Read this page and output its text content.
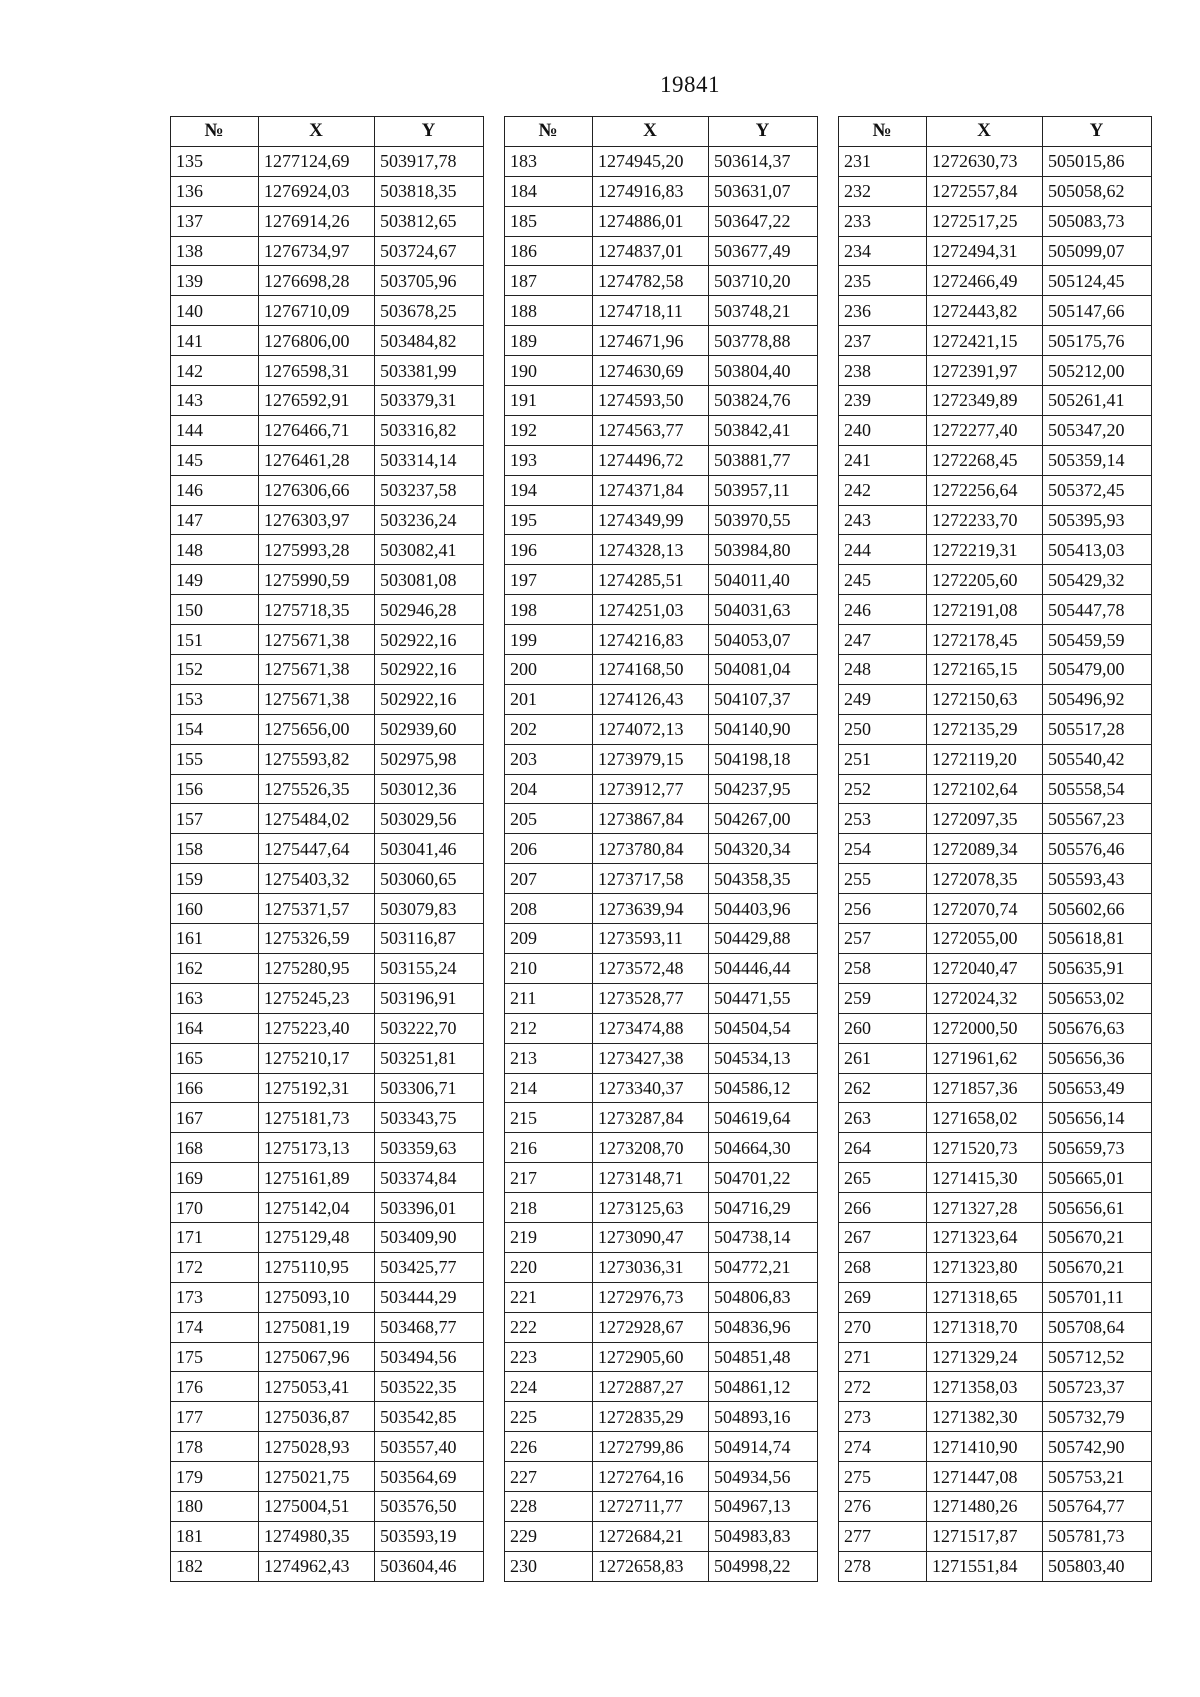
19841
№	X	Y
135	1277124,69	503917,78
136	1276924,03	503818,35
137	1276914,26	503812,65
138	1276734,97	503724,67
139	1276698,28	503705,96
140	1276710,09	503678,25
141	1276806,00	503484,82
142	1276598,31	503381,99
143	1276592,91	503379,31
144	1276466,71	503316,82
145	1276461,28	503314,14
146	1276306,66	503237,58
147	1276303,97	503236,24
148	1275993,28	503082,41
149	1275990,59	503081,08
150	1275718,35	502946,28
151	1275671,38	502922,16
152	1275671,38	502922,16
153	1275671,38	502922,16
154	1275656,00	502939,60
155	1275593,82	502975,98
156	1275526,35	503012,36
157	1275484,02	503029,56
158	1275447,64	503041,46
159	1275403,32	503060,65
160	1275371,57	503079,83
161	1275326,59	503116,87
162	1275280,95	503155,24
163	1275245,23	503196,91
164	1275223,40	503222,70
165	1275210,17	503251,81
166	1275192,31	503306,71
167	1275181,73	503343,75
168	1275173,13	503359,63
169	1275161,89	503374,84
170	1275142,04	503396,01
171	1275129,48	503409,90
172	1275110,95	503425,77
173	1275093,10	503444,29
174	1275081,19	503468,77
175	1275067,96	503494,56
176	1275053,41	503522,35
177	1275036,87	503542,85
178	1275028,93	503557,40
179	1275021,75	503564,69
180	1275004,51	503576,50
181	1274980,35	503593,19
182	1274962,43	503604,46
№	X	Y
183	1274945,20	503614,37
184	1274916,83	503631,07
185	1274886,01	503647,22
186	1274837,01	503677,49
187	1274782,58	503710,20
188	1274718,11	503748,21
189	1274671,96	503778,88
190	1274630,69	503804,40
191	1274593,50	503824,76
192	1274563,77	503842,41
193	1274496,72	503881,77
194	1274371,84	503957,11
195	1274349,99	503970,55
196	1274328,13	503984,80
197	1274285,51	504011,40
198	1274251,03	504031,63
199	1274216,83	504053,07
200	1274168,50	504081,04
201	1274126,43	504107,37
202	1274072,13	504140,90
203	1273979,15	504198,18
204	1273912,77	504237,95
205	1273867,84	504267,00
206	1273780,84	504320,34
207	1273717,58	504358,35
208	1273639,94	504403,96
209	1273593,11	504429,88
210	1273572,48	504446,44
211	1273528,77	504471,55
212	1273474,88	504504,54
213	1273427,38	504534,13
214	1273340,37	504586,12
215	1273287,84	504619,64
216	1273208,70	504664,30
217	1273148,71	504701,22
218	1273125,63	504716,29
219	1273090,47	504738,14
220	1273036,31	504772,21
221	1272976,73	504806,83
222	1272928,67	504836,96
223	1272905,60	504851,48
224	1272887,27	504861,12
225	1272835,29	504893,16
226	1272799,86	504914,74
227	1272764,16	504934,56
228	1272711,77	504967,13
229	1272684,21	504983,83
230	1272658,83	504998,22
№	X	Y
231	1272630,73	505015,86
232	1272557,84	505058,62
233	1272517,25	505083,73
234	1272494,31	505099,07
235	1272466,49	505124,45
236	1272443,82	505147,66
237	1272421,15	505175,76
238	1272391,97	505212,00
239	1272349,89	505261,41
240	1272277,40	505347,20
241	1272268,45	505359,14
242	1272256,64	505372,45
243	1272233,70	505395,93
244	1272219,31	505413,03
245	1272205,60	505429,32
246	1272191,08	505447,78
247	1272178,45	505459,59
248	1272165,15	505479,00
249	1272150,63	505496,92
250	1272135,29	505517,28
251	1272119,20	505540,42
252	1272102,64	505558,54
253	1272097,35	505567,23
254	1272089,34	505576,46
255	1272078,35	505593,43
256	1272070,74	505602,66
257	1272055,00	505618,81
258	1272040,47	505635,91
259	1272024,32	505653,02
260	1272000,50	505676,63
261	1271961,62	505656,36
262	1271857,36	505653,49
263	1271658,02	505656,14
264	1271520,73	505659,73
265	1271415,30	505665,01
266	1271327,28	505656,61
267	1271323,64	505670,21
268	1271323,80	505670,21
269	1271318,65	505701,11
270	1271318,70	505708,64
271	1271329,24	505712,52
272	1271358,03	505723,37
273	1271382,30	505732,79
274	1271410,90	505742,90
275	1271447,08	505753,21
276	1271480,26	505764,77
277	1271517,87	505781,73
278	1271551,84	505803,40
